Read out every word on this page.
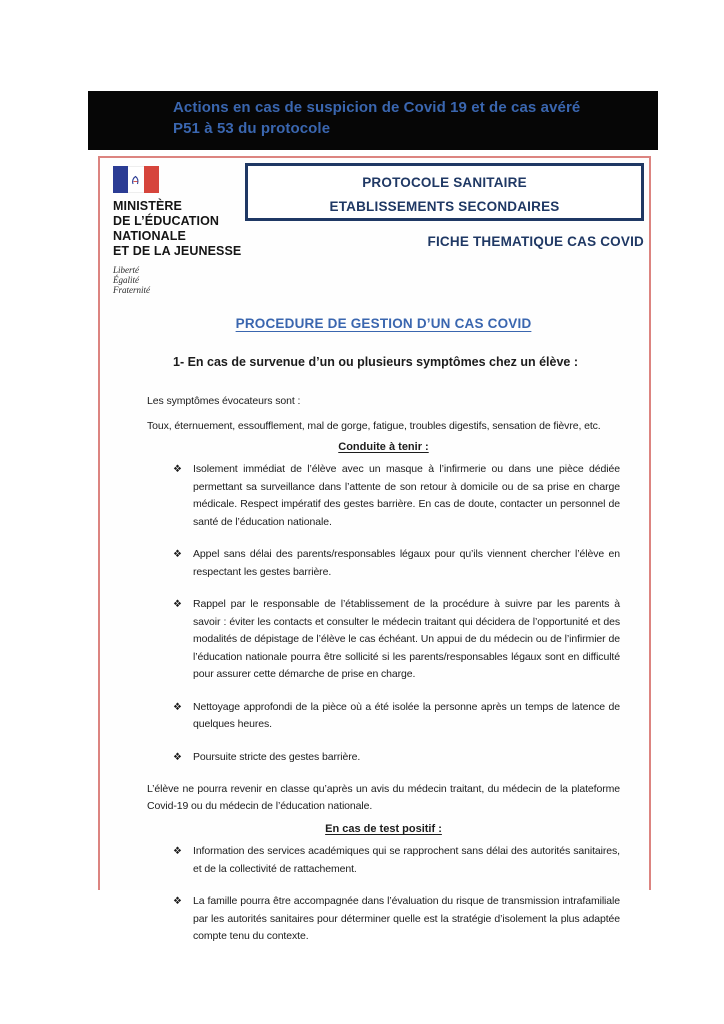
Actions en cas de suspicion de Covid 19 et de cas avéré
P51 à 53 du protocole
MINISTÈRE
DE L’ÉDUCATION
NATIONALE
ET DE LA JEUNESSE
Liberté
Égalité
Fraternité
PROTOCOLE SANITAIRE
ETABLISSEMENTS SECONDAIRES
FICHE THEMATIQUE CAS COVID
PROCEDURE DE GESTION D’UN CAS COVID
1- En cas de survenue d’un ou plusieurs symptômes chez un élève :

Les symptômes évocateurs sont :

Toux, éternuement, essoufflement, mal de gorge, fatigue, troubles digestifs, sensation de fièvre, etc.

Conduite à tenir :
❖	Isolement immédiat de l’élève avec un masque à l’infirmerie ou dans une pièce dédiée permettant sa surveillance dans l’attente de son retour à domicile ou de sa prise en charge médicale. Respect impératif des gestes barrière. En cas de doute, contacter un personnel de santé de l’éducation nationale.
❖	Appel sans délai des parents/responsables légaux pour qu’ils viennent chercher l’élève en respectant les gestes barrière.
❖	Rappel par le responsable de l’établissement de la procédure à suivre par les parents à savoir : éviter les contacts et consulter le médecin traitant qui décidera de l’opportunité et des modalités de dépistage de l’élève le cas échéant. Un appui de du médecin ou de l’infirmier de l’éducation nationale pourra être sollicité si les parents/responsables légaux sont en difficulté pour assurer cette démarche de prise en charge.
❖	Nettoyage approfondi de la pièce où a été isolée la personne après un temps de latence de quelques heures.
❖	Poursuite stricte des gestes barrière.

L’élève ne pourra revenir en classe qu’après un avis du médecin traitant, du médecin de la plateforme Covid-19 ou du médecin de l’éducation nationale.

En cas de test positif :
❖	Information des services académiques qui se rapprochent sans délai des autorités sanitaires, et de la collectivité de rattachement.
❖	La famille pourra être accompagnée dans l’évaluation du risque de transmission intrafamiliale par les autorités sanitaires pour déterminer quelle est la stratégie d’isolement la plus adaptée compte tenu du contexte.
